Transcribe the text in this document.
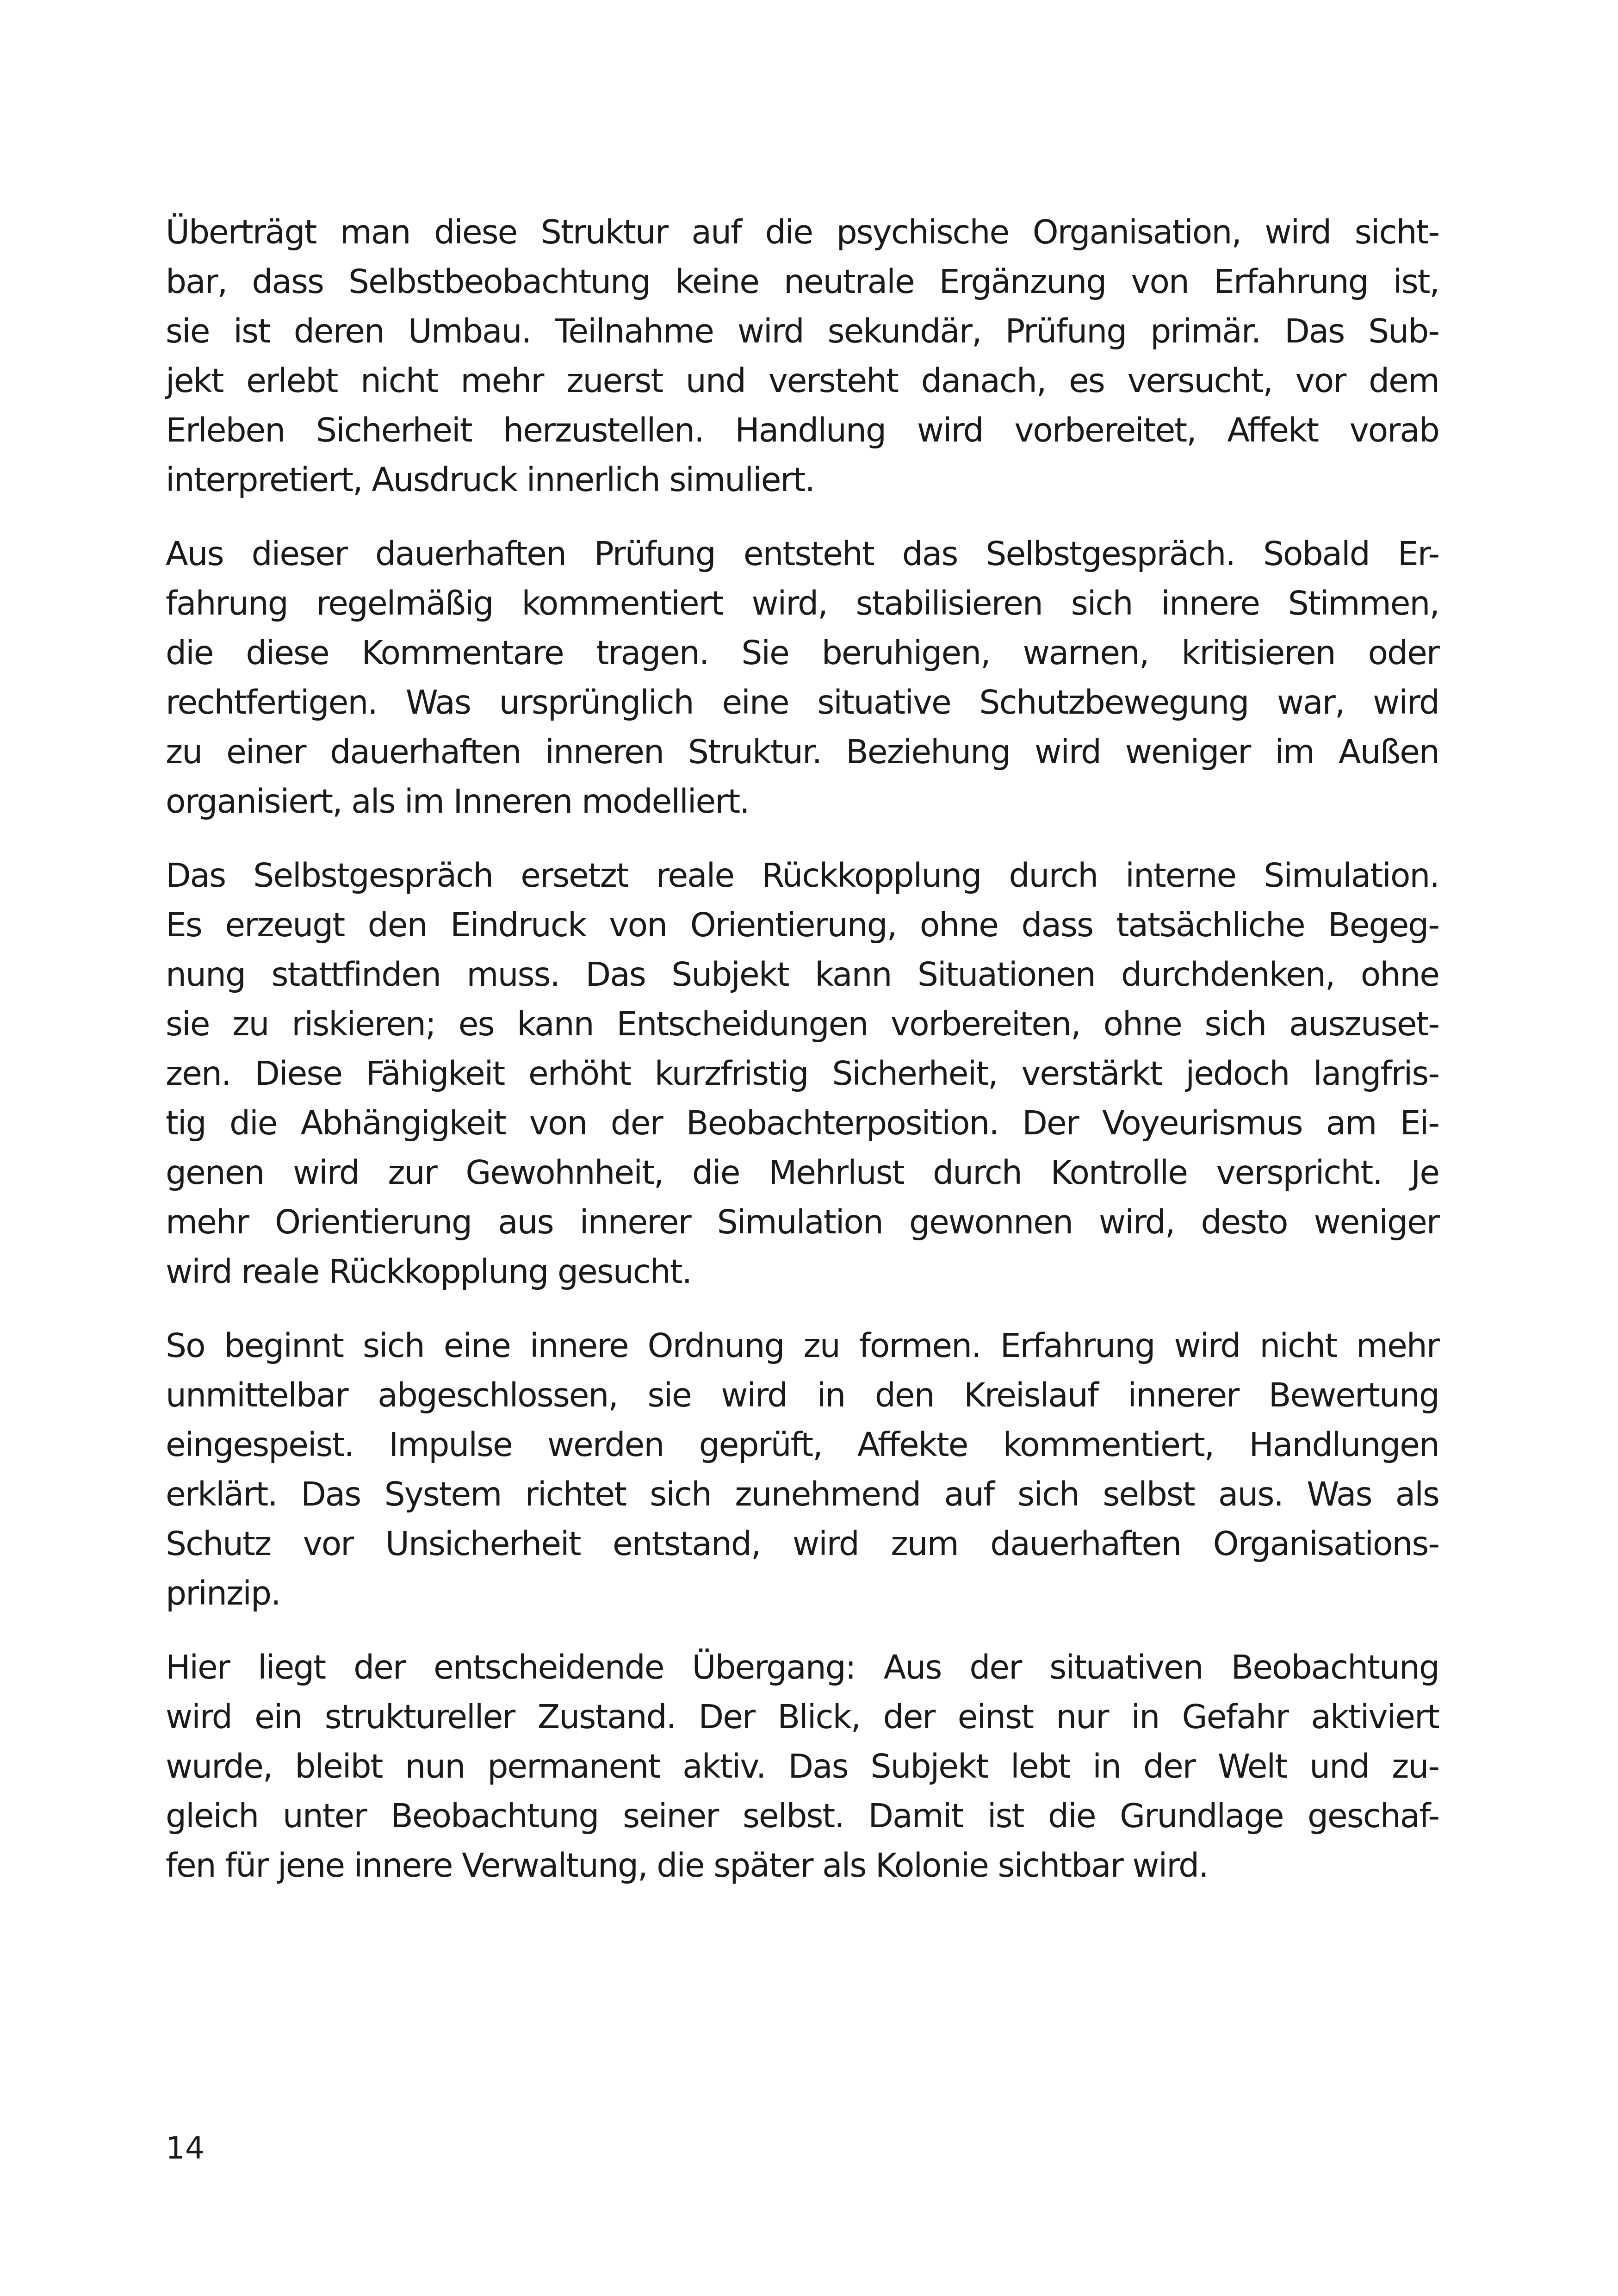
Überträgt man diese Struktur auf die psychische Organisation, wird sicht-
bar, dass Selbstbeobachtung keine neutrale Ergänzung von Erfahrung ist,
sie ist deren Umbau. Teilnahme wird sekundär, Prüfung primär. Das Sub-
jekt erlebt nicht mehr zuerst und versteht danach, es versucht, vor dem
Erleben Sicherheit herzustellen. Handlung wird vorbereitet, Affekt vorab
interpretiert, Ausdruck innerlich simuliert.

Aus dieser dauerhaften Prüfung entsteht das Selbstgespräch. Sobald Er-
fahrung regelmäßig kommentiert wird, stabilisieren sich innere Stimmen,
die diese Kommentare tragen. Sie beruhigen, warnen, kritisieren oder
rechtfertigen. Was ursprünglich eine situative Schutzbewegung war, wird
zu einer dauerhaften inneren Struktur. Beziehung wird weniger im Außen
organisiert, als im Inneren modelliert.

Das Selbstgespräch ersetzt reale Rückkopplung durch interne Simulation.
Es erzeugt den Eindruck von Orientierung, ohne dass tatsächliche Begeg-
nung stattfinden muss. Das Subjekt kann Situationen durchdenken, ohne
sie zu riskieren; es kann Entscheidungen vorbereiten, ohne sich auszuset-
zen. Diese Fähigkeit erhöht kurzfristig Sicherheit, verstärkt jedoch langfris-
tig die Abhängigkeit von der Beobachterposition. Der Voyeurismus am Ei-
genen wird zur Gewohnheit, die Mehrlust durch Kontrolle verspricht. Je
mehr Orientierung aus innerer Simulation gewonnen wird, desto weniger
wird reale Rückkopplung gesucht.

So beginnt sich eine innere Ordnung zu formen. Erfahrung wird nicht mehr
unmittelbar abgeschlossen, sie wird in den Kreislauf innerer Bewertung
eingespeist. Impulse werden geprüft, Affekte kommentiert, Handlungen
erklärt. Das System richtet sich zunehmend auf sich selbst aus. Was als
Schutz vor Unsicherheit entstand, wird zum dauerhaften Organisations-
prinzip.

Hier liegt der entscheidende Übergang: Aus der situativen Beobachtung
wird ein struktureller Zustand. Der Blick, der einst nur in Gefahr aktiviert
wurde, bleibt nun permanent aktiv. Das Subjekt lebt in der Welt und zu-
gleich unter Beobachtung seiner selbst. Damit ist die Grundlage geschaf-
fen für jene innere Verwaltung, die später als Kolonie sichtbar wird.

14
